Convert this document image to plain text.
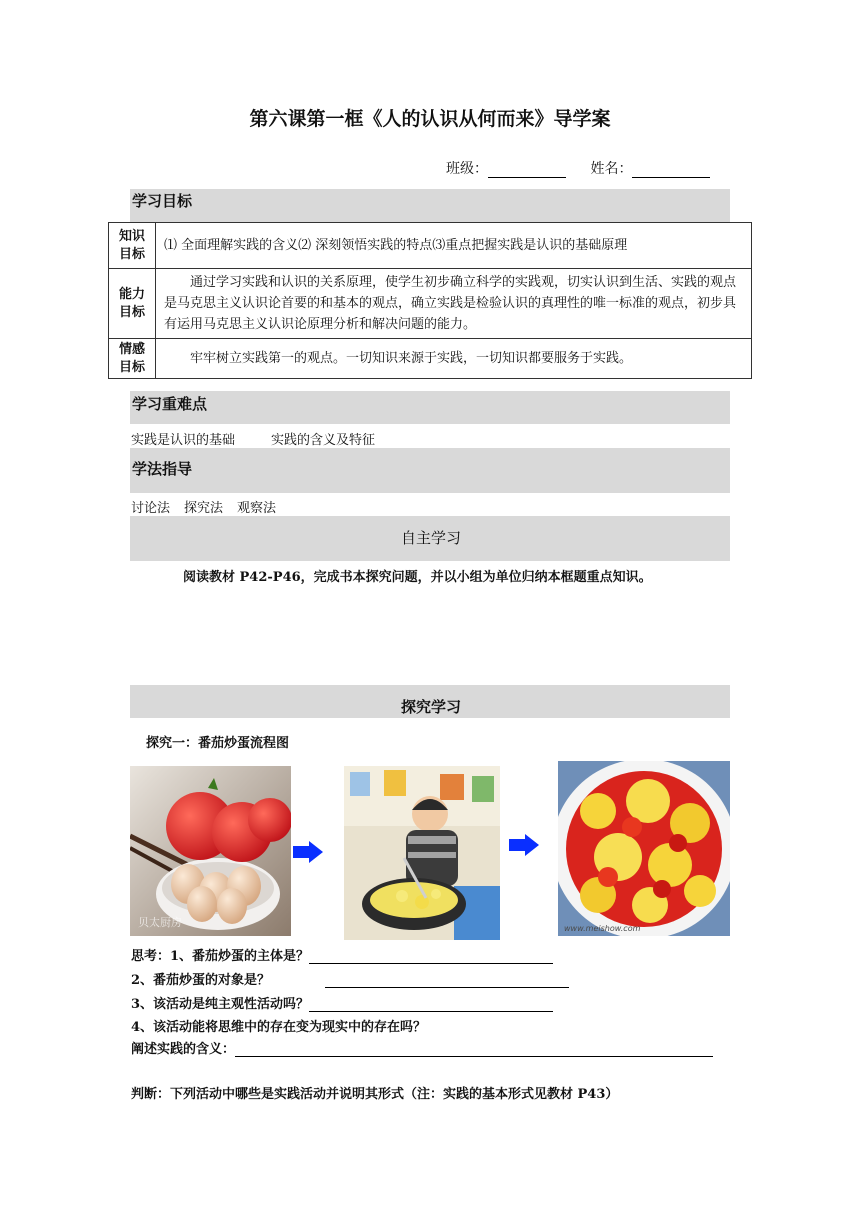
第六课第一框《人的认识从何而来》导学案
班级：	姓名：
学习目标
知识
目标	⑴ 全面理解实践的含义⑵ 深刻领悟实践的特点⑶重点把握实践是认识的基础原理
能力
目标	通过学习实践和认识的关系原理，使学生初步确立科学的实践观，切实认识到生活、实践的观点是马克思主义认识论首要的和基本的观点，确立实践是检验认识的真理性的唯一标准的观点，初步具有运用马克思主义认识论原理分析和解决问题的能力。
情感
目标	牢牢树立实践第一的观点。一切知识来源于实践，一切知识都要服务于实践。
学习重难点
实践是认识的基础	实践的含义及特征
学法指导
讨论法 探究法 观察法
自主学习
阅读教材 P42-P46，完成书本探究问题，并以小组为单位归纳本框题重点知识。
探究学习
探究一：番茄炒蛋流程图
贝太厨房	www.meishow.com
思考：1、番茄炒蛋的主体是？
2、番茄炒蛋的对象是？
3、该活动是纯主观性活动吗？
4、该活动能将思维中的存在变为现实中的存在吗？
阐述实践的含义：
判断：下列活动中哪些是实践活动并说明其形式（注：实践的基本形式见教材 P43）
